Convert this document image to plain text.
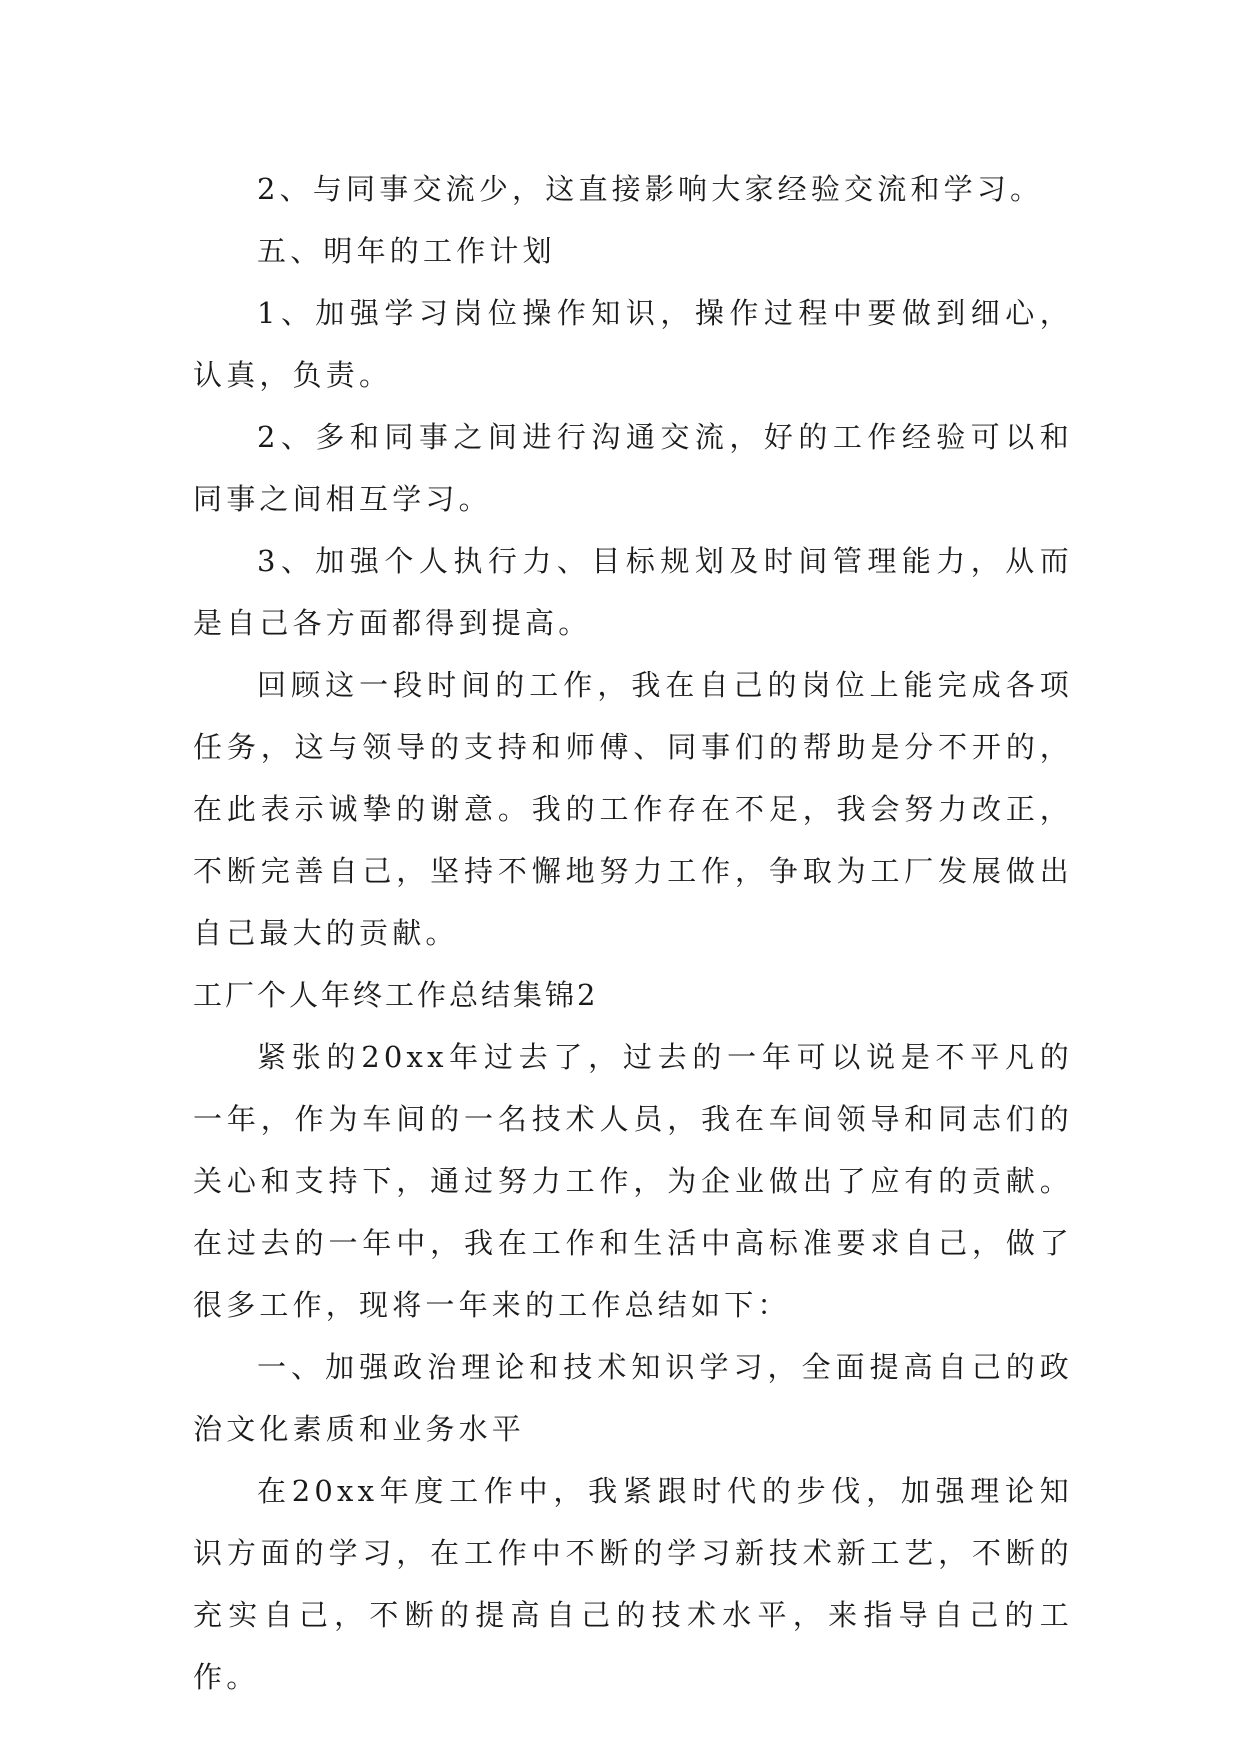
2、与同事交流少，这直接影响大家经验交流和学习。

五、明年的工作计划

1、加强学习岗位操作知识，操作过程中要做到细心，认真，负责。

2、多和同事之间进行沟通交流，好的工作经验可以和同事之间相互学习。

3、加强个人执行力、目标规划及时间管理能力，从而是自己各方面都得到提高。

回顾这一段时间的工作，我在自己的岗位上能完成各项任务，这与领导的支持和师傅、同事们的帮助是分不开的，在此表示诚挚的谢意。我的工作存在不足，我会努力改正，不断完善自己，坚持不懈地努力工作，争取为工厂发展做出自己最大的贡献。

工厂个人年终工作总结集锦2

紧张的20xx年过去了，过去的一年可以说是不平凡的一年，作为车间的一名技术人员，我在车间领导和同志们的关心和支持下，通过努力工作，为企业做出了应有的贡献。在过去的一年中，我在工作和生活中高标准要求自己，做了很多工作，现将一年来的工作总结如下：

一、加强政治理论和技术知识学习，全面提高自己的政治文化素质和业务水平

在20xx年度工作中，我紧跟时代的步伐，加强理论知识方面的学习，在工作中不断的学习新技术新工艺，不断的充实自己，不断的提高自己的技术水平，来指导自己的工作。
